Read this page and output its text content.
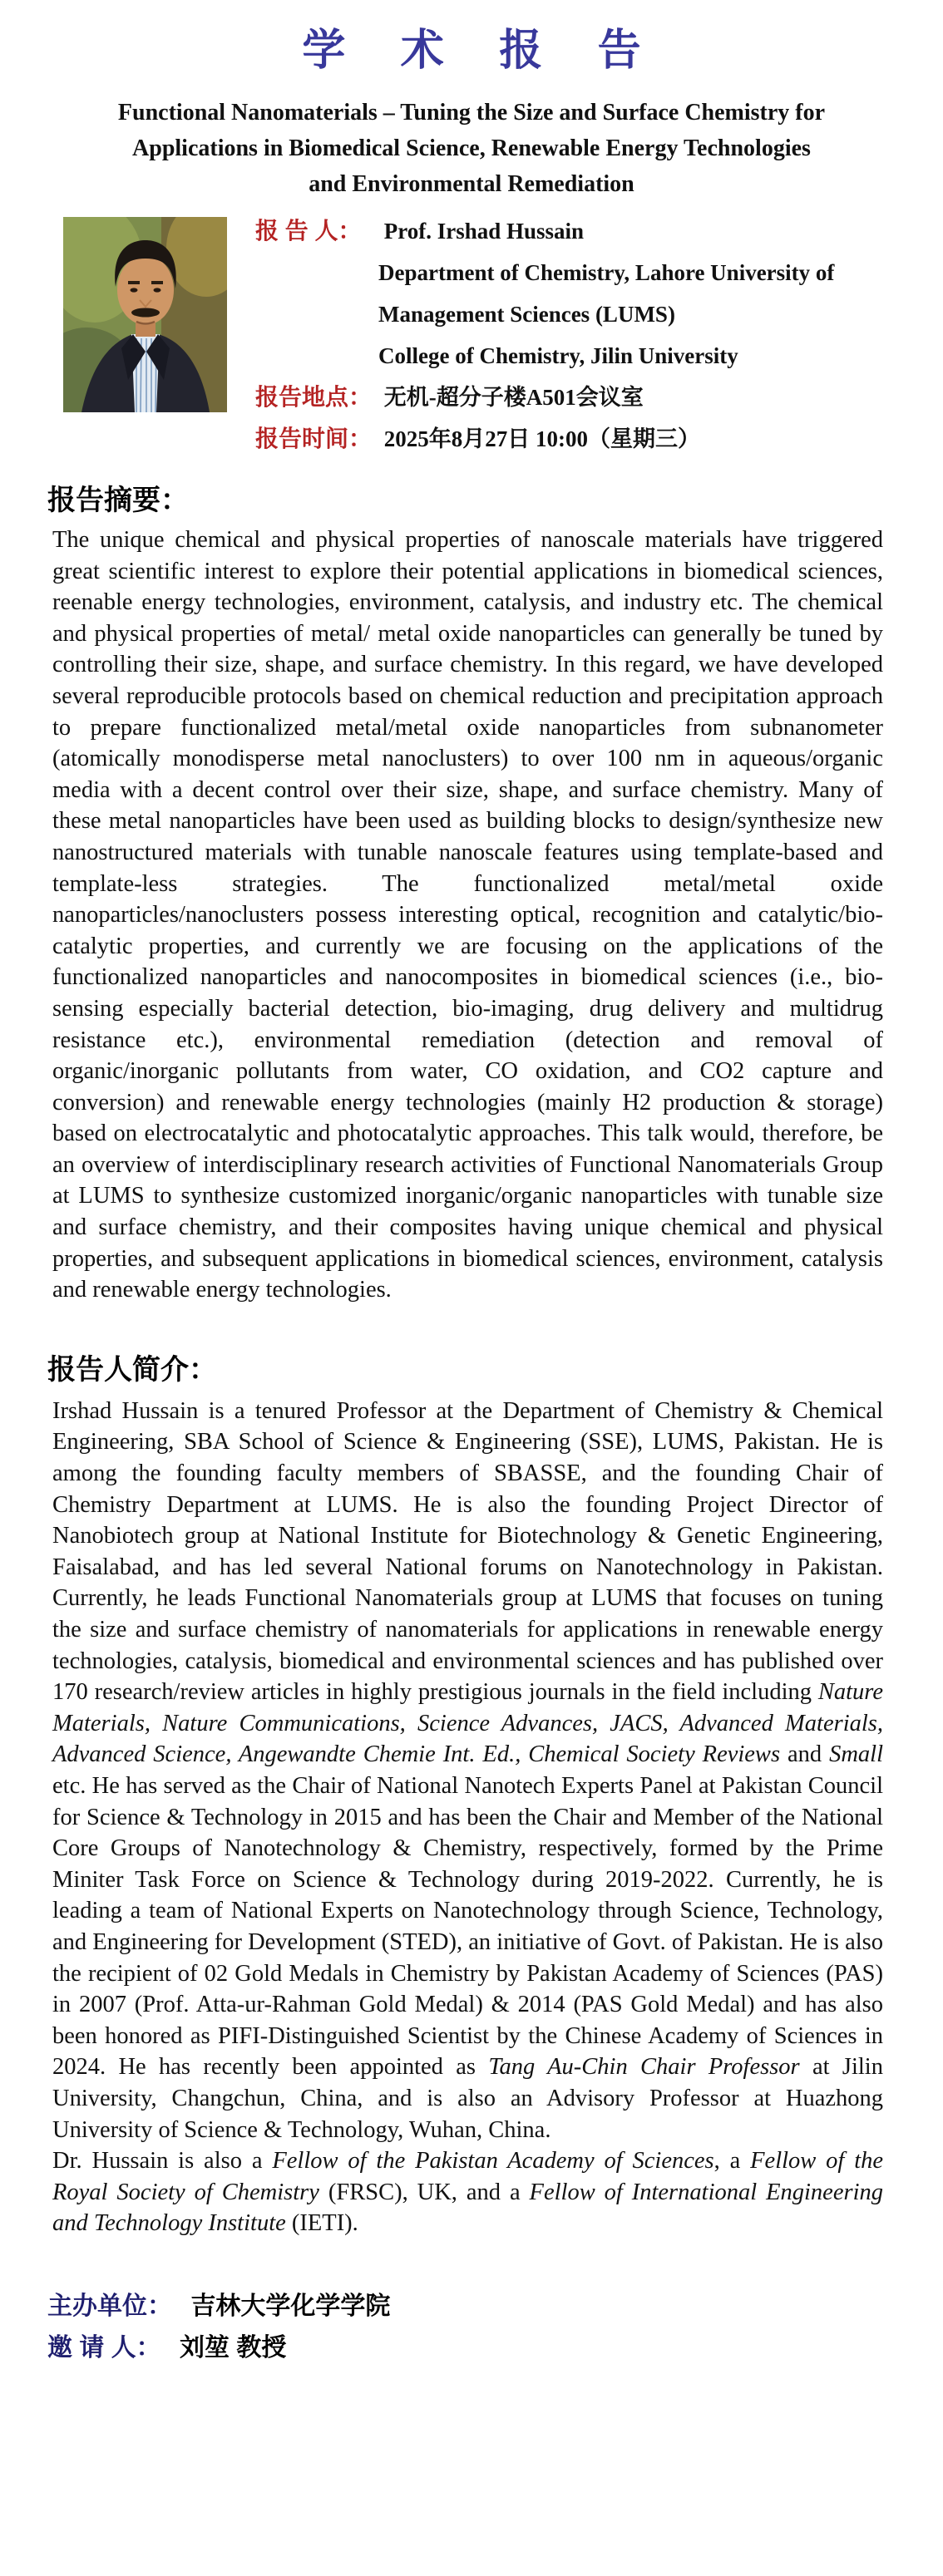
学 术 报 告
Functional Nanomaterials – Tuning the Size and Surface Chemistry for
Applications in Biomedical Science, Renewable Energy Technologies
and Environmental Remediation
报 告 人： Prof. Irshad Hussain
Department of Chemistry, Lahore University of
Management Sciences (LUMS)
College of Chemistry, Jilin University
报告地点： 无机-超分子楼A501会议室
报告时间： 2025年8月27日 10:00（星期三）
报告摘要：
The unique chemical and physical properties of nanoscale materials have triggered great scientific interest to explore their potential applications in biomedical sciences, reenable energy technologies, environment, catalysis, and industry etc. The chemical and physical properties of metal/ metal oxide nanoparticles can generally be tuned by controlling their size, shape, and surface chemistry. In this regard, we have developed several reproducible protocols based on chemical reduction and precipitation approach to prepare functionalized metal/metal oxide nanoparticles from subnanometer (atomically monodisperse metal nanoclusters) to over 100 nm in aqueous/organic media with a decent control over their size, shape, and surface chemistry. Many of these metal nanoparticles have been used as building blocks to design/synthesize new nanostructured materials with tunable nanoscale features using template-based and template-less strategies. The functionalized metal/metal oxide nanoparticles/nanoclusters possess interesting optical, recognition and catalytic/bio-catalytic properties, and currently we are focusing on the applications of the functionalized nanoparticles and nanocomposites in biomedical sciences (i.e., bio-sensing especially bacterial detection, bio-imaging, drug delivery and multidrug resistance etc.), environmental remediation (detection and removal of organic/inorganic pollutants from water, CO oxidation, and CO2 capture and conversion) and renewable energy technologies (mainly H2 production & storage) based on electrocatalytic and photocatalytic approaches. This talk would, therefore, be an overview of interdisciplinary research activities of Functional Nanomaterials Group at LUMS to synthesize customized inorganic/organic nanoparticles with tunable size and surface chemistry, and their composites having unique chemical and physical properties, and subsequent applications in biomedical sciences, environment, catalysis and renewable energy technologies.
报告人简介：
Irshad Hussain is a tenured Professor at the Department of Chemistry & Chemical Engineering, SBA School of Science & Engineering (SSE), LUMS, Pakistan. He is among the founding faculty members of SBASSE, and the founding Chair of Chemistry Department at LUMS. He is also the founding Project Director of Nanobiotech group at National Institute for Biotechnology & Genetic Engineering, Faisalabad, and has led several National forums on Nanotechnology in Pakistan. Currently, he leads Functional Nanomaterials group at LUMS that focuses on tuning the size and surface chemistry of nanomaterials for applications in renewable energy technologies, catalysis, biomedical and environmental sciences and has published over 170 research/review articles in highly prestigious journals in the field including Nature Materials, Nature Communications, Science Advances, JACS, Advanced Materials, Advanced Science, Angewandte Chemie Int. Ed., Chemical Society Reviews and Small etc. He has served as the Chair of National Nanotech Experts Panel at Pakistan Council for Science & Technology in 2015 and has been the Chair and Member of the National Core Groups of Nanotechnology & Chemistry, respectively, formed by the Prime Miniter Task Force on Science & Technology during 2019-2022. Currently, he is leading a team of National Experts on Nanotechnology through Science, Technology, and Engineering for Development (STED), an initiative of Govt. of Pakistan. He is also the recipient of 02 Gold Medals in Chemistry by Pakistan Academy of Sciences (PAS) in 2007 (Prof. Atta-ur-Rahman Gold Medal) & 2014 (PAS Gold Medal) and has also been honored as PIFI-Distinguished Scientist by the Chinese Academy of Sciences in 2024. He has recently been appointed as Tang Au-Chin Chair Professor at Jilin University, Changchun, China, and is also an Advisory Professor at Huazhong University of Science & Technology, Wuhan, China.
Dr. Hussain is also a Fellow of the Pakistan Academy of Sciences, a Fellow of the Royal Society of Chemistry (FRSC), UK, and a Fellow of International Engineering and Technology Institute (IETI).
主办单位： 吉林大学化学学院
邀 请 人： 刘堃 教授
